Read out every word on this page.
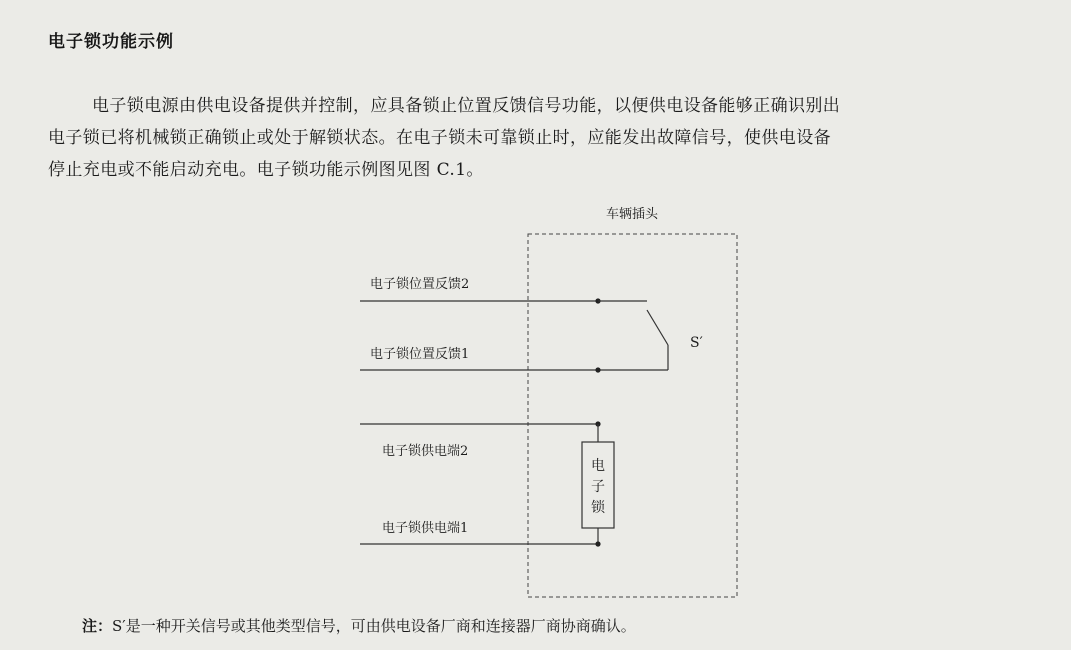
电子锁功能示例
电子锁电源由供电设备提供并控制，应具备锁止位置反馈信号功能，以便供电设备能够正确识别出
电子锁已将机械锁正确锁止或处于解锁状态。在电子锁未可靠锁止时，应能发出故障信号，使供电设备
停止充电或不能启动充电。电子锁功能示例图见图 C.1。
车辆插头
电子锁位置反馈2
S′
电子锁位置反馈1
电子锁供电端2
电
子
锁
电子锁供电端1
注：S′是一种开关信号或其他类型信号，可由供电设备厂商和连接器厂商协商确认。
